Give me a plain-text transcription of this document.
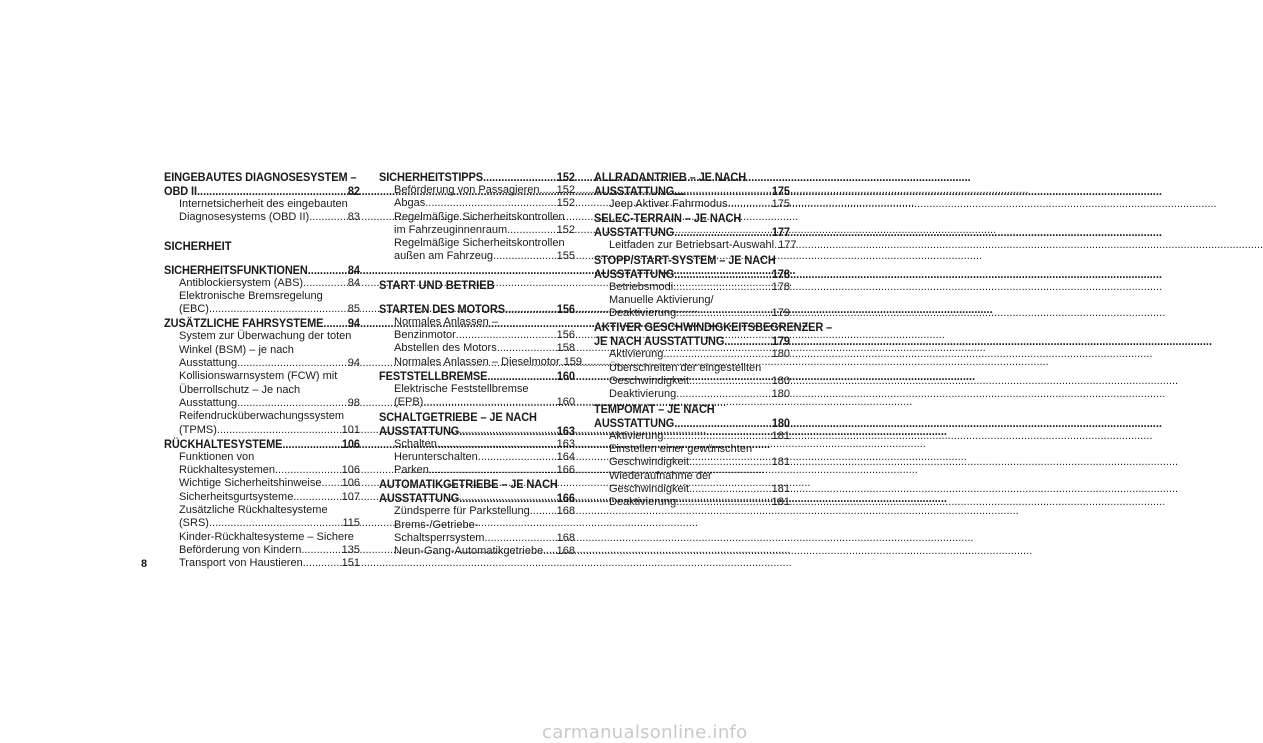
EINGEBAUTES DIAGNOSESYSTEM –
OBD II .....	82
Internetsicherheit des eingebauten
Diagnosesystems (OBD II) .....	83
SICHERHEIT
SICHERHEITSFUNKTIONEN .....	84
Antiblockiersystem (ABS) .....	84
Elektronische Bremsregelung
(EBC) .....	85
ZUSÄTZLICHE FAHRSYSTEME ..... 94
System zur Überwachung der toten
Winkel (BSM) – je nach
Ausstattung .....	94
Kollisionswarnsystem (FCW) mit
Überrollschutz – Je nach
Ausstattung .....	98
Reifendrucküberwachungssystem
(TPMS) .....	101
RÜCKHALTESYSTEME .....	106
Funktionen von
Rückhaltesystemen .....	106
Wichtige Sicherheitshinweise ..... 106
Sicherheitsgurtsysteme .....	107
Zusätzliche Rückhaltesysteme
(SRS) .....	115
Kinder-Rückhaltesysteme – Sichere
Beförderung von Kindern .....	135
Transport von Haustieren .....	151
SICHERHEITSTIPPS .....	152
Beförderung von Passagieren ..... 152
Abgas .....	152
Regelmäßige Sicherheitskontrollen
im Fahrzeuginnenraum .....	152
Regelmäßige Sicherheitskontrollen
außen am Fahrzeug .....	155
START UND BETRIEB
STARTEN DES MOTORS .....	156
Normales Anlassen –
Benzinmotor .....	156
Abstellen des Motors .....	158
Normales Anlassen – Dieselmotor ..... 159
FESTSTELLBREMSE .....	160
Elektrische Feststellbremse
(EPB) .....	160
SCHALTGETRIEBE – JE NACH
AUSSTATTUNG .....	163
Schalten .....	163
Herunterschalten .....	164
Parken .....	166
AUTOMATIKGETRIEBE – JE NACH
AUSSTATTUNG .....	166
Zündsperre für Parkstellung ..... 168
Brems-/Getriebe-
Schaltsperrsystem .....	168
Neun-Gang-Automatikgetriebe ..... 168
ALLRADANTRIEB – JE NACH
AUSSTATTUNG .....	175
Jeep Aktiver Fahrmodus .....	175
SELEC-TERRAIN – JE NACH
AUSSTATTUNG .....	177
Leitfaden zur Betriebsart-Auswahl ..... 177
STOPP/START-SYSTEM – JE NACH
AUSSTATTUNG .....	178
Betriebsmodi .....	178
Manuelle Aktivierung/
Deaktivierung .....	179
AKTIVER GESCHWINDIGKEITSBEGRENZER –
JE NACH AUSSTATTUNG .....	179
Aktivierung .....	180
Überschreiten der eingestellten
Geschwindigkeit .....	180
Deaktivierung .....	180
TEMPOMAT – JE NACH
AUSSTATTUNG .....	180
Aktivierung .....	181
Einstellen einer gewünschten
Geschwindigkeit .....	181
Wiederaufnahme der
Geschwindigkeit .....	181
Deaktivierung .....	181
8
carmanualsonline.info
